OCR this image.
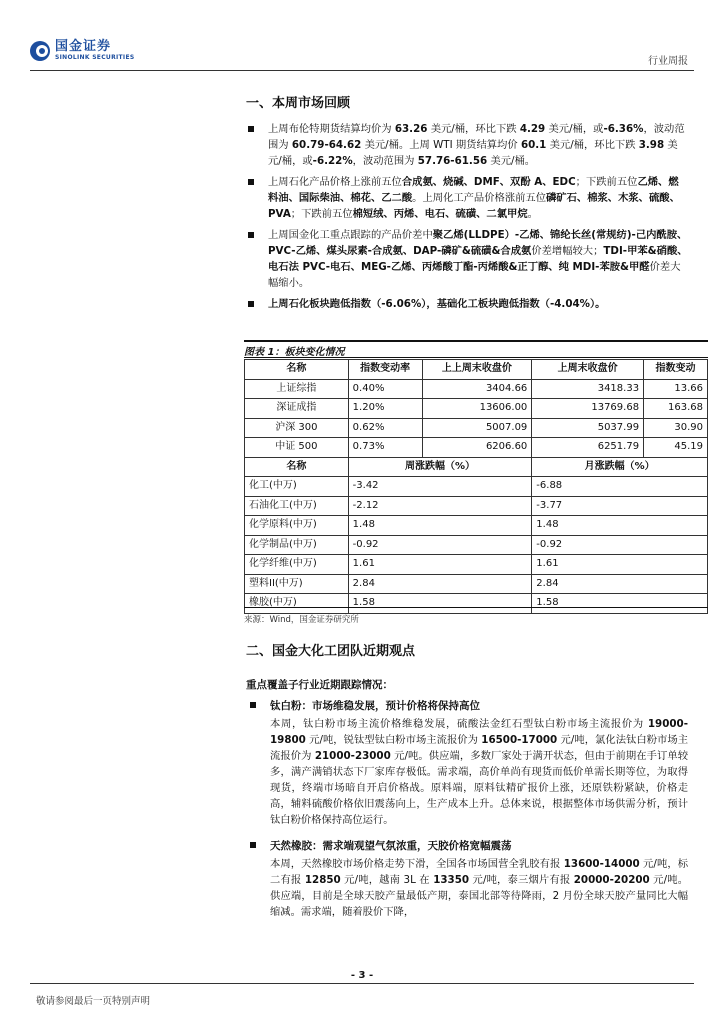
国金证券
SINOLINK SECURITIES	行业周报
一、本周市场回顾
上周布伦特期货结算均价为 63.26 美元/桶，环比下跌 4.29 美元/桶，或-6.36%，波动范围为 60.79-64.62 美元/桶。上周 WTI 期货结算均价 60.1 美元/桶，环比下跌 3.98 美元/桶，或-6.22%，波动范围为 57.76-61.56 美元/桶。
上周石化产品价格上涨前五位合成氨、烧碱、DMF、双酚 A、EDC；下跌前五位乙烯、燃料油、国际柴油、棉花、乙二酸。上周化工产品价格涨前五位磷矿石、棉浆、木浆、硫酸、PVA；下跌前五位棉短绒、丙烯、电石、硫磺、二氯甲烷。
上周国金化工重点跟踪的产品价差中聚乙烯(LLDPE）-乙烯、锦纶长丝(常规纺)-己内酰胺、PVC-乙烯、煤头尿素-合成氨、DAP-磷矿&硫磺&合成氨价差增幅较大；TDI-甲苯&硝酸、电石法 PVC-电石、MEG-乙烯、丙烯酸丁酯-丙烯酸&正丁醇、纯 MDI-苯胺&甲醛价差大幅缩小。
上周石化板块跑低指数（-6.06%），基础化工板块跑低指数（-4.04%）。
图表 1：板块变化情况
名称	指数变动率	上上周末收盘价	上周末收盘价	指数变动
上证综指	0.40%	3404.66	3418.33	13.66
深证成指	1.20%	13606.00	13769.68	163.68
沪深 300	0.62%	5007.09	5037.99	30.90
中证 500	0.73%	6206.60	6251.79	45.19
名称	周涨跌幅（%）		月涨跌幅（%）	
化工(中万)	-3.42		-6.88	
石油化工(中万)	-2.12		-3.77	
化学原料(中万)	1.48		1.48	
化学制品(中万)	-0.92		-0.92	
化学纤维(中万)	1.61		1.61	
塑料II(中万)	2.84		2.84	
橡胶(中万)	1.58		1.58	
来源：Wind，国金证券研究所
二、国金大化工团队近期观点
重点覆盖子行业近期跟踪情况：
钛白粉：市场维稳发展，预计价格将保持高位
本周，钛白粉市场主流价格维稳发展，硫酸法金红石型钛白粉市场主流报价为 19000-19800 元/吨，锐钛型钛白粉市场主流报价为 16500-17000 元/吨，氯化法钛白粉市场主流报价为 21000-23000 元/吨。供应端，多数厂家处于满开状态，但由于前期在手订单较多，满产满销状态下厂家库存极低。需求端，高价单尚有现货而低价单需长期等位，为取得现货，终端市场暗自开启价格战。原料端，原料钛精矿报价上涨，还原铁粉紧缺，价格走高，辅料硫酸价格依旧震荡向上，生产成本上升。总体来说，根据整体市场供需分析，预计钛白粉价格保持高位运行。
天然橡胶：需求端观望气氛浓重，天胶价格宽幅震荡
本周，天然橡胶市场价格走势下滑，全国各市场国营全乳胶有报 13600-14000 元/吨，标二有报 12850 元/吨，越南 3L 在 13350 元/吨，泰三烟片有报 20000-20200 元/吨。供应端，目前是全球天胶产量最低产期，泰国北部等待降雨，2 月份全球天胶产量同比大幅缩减。需求端，随着股价下降，
- 3 -
敬请参阅最后一页特别声明
